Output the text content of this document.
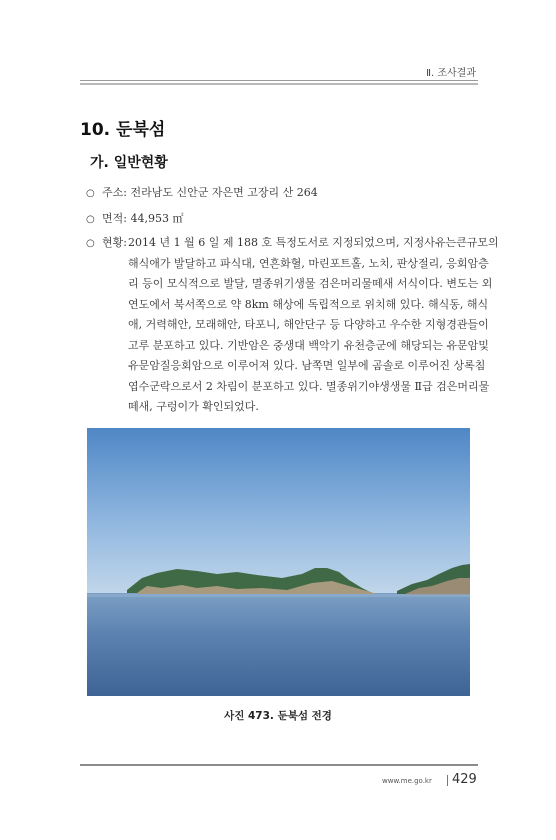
Ⅱ. 조사결과
10. 둔북섬
가. 일반현황
○ 주소: 전라남도 신안군 자은면 고장리 산 264
○ 면적: 44,953 ㎡
○ 현황: 2014 년 1 월 6 일 제 188 호 특정도서로 지정되었으며, 지정사유는큰규모의
해식애가 발달하고 파식대, 연흔화혈, 마린포트홀, 노치, 판상절리, 응회암층
리 등이 모식적으로 발달, 멸종위기생물 검은머리물떼새 서식이다. 변도는 외
연도에서 북서쪽으로 약 8km 해상에 독립적으로 위치해 있다. 해식동, 해식
애, 거력해안, 모래해안, 타포니, 해안단구 등 다양하고 우수한 지형경관들이
고루 분포하고 있다. 기반암은 중생대 백악기 유천층군에 해당되는 유문암및
유문암질응회암으로 이루어져 있다. 남쪽면 일부에 곰솔로 이루어진 상록침
엽수군락으로서 2 차림이 분포하고 있다. 멸종위기야생생물 Ⅱ급 검은머리물
떼새, 구렁이가 확인되었다.
사진 473. 둔북섬 전경
www.me.go.kr 429
